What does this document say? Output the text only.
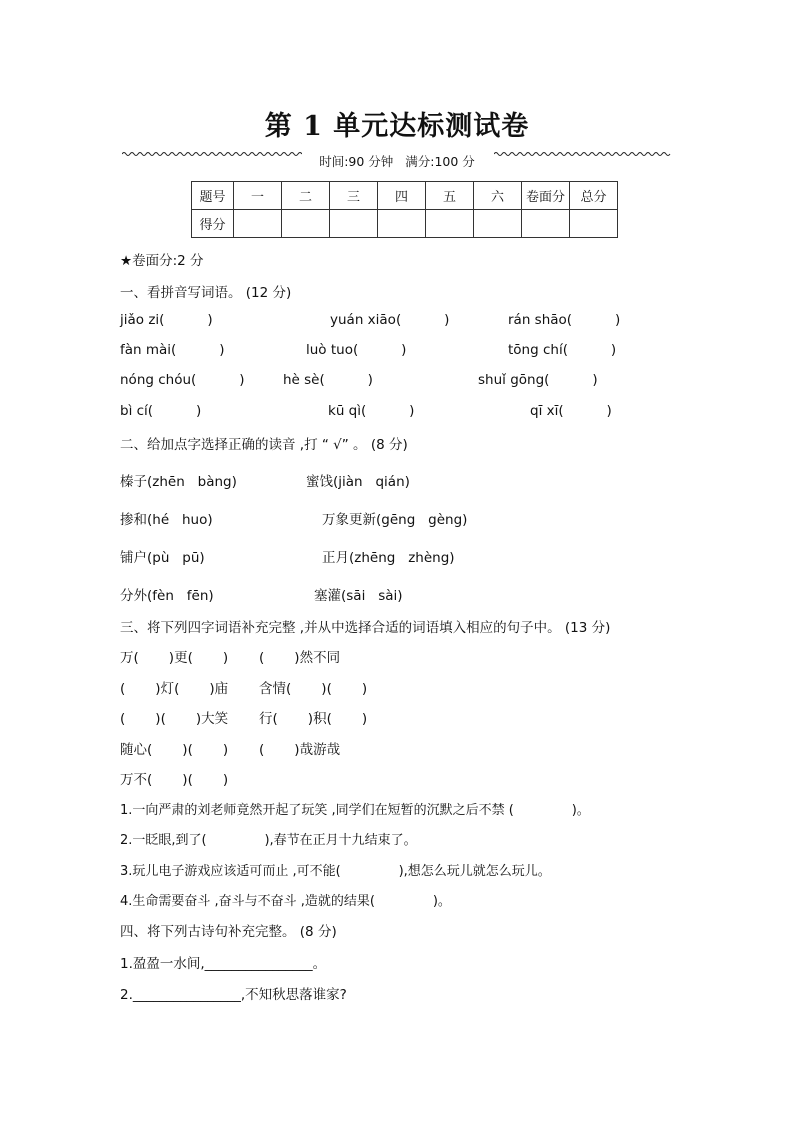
第 1 单元达标测试卷
时间:90 分钟   满分:100 分
题号	一	二	三	四	五	六	卷面分	总分
得分								
★卷面分:2 分
一、看拼音写词语。 (12 分)
jiǎo zi(          )	yuán xiāo(          )	rán shāo(          )
fàn mài(          )	luò tuo(          )	tōng chí(          )
nóng chóu(          )	hè sè(          )	shuǐ gōng(          )
bì cí(          )	kū qì(          )	qī xī(          )
二、给加点字选择正确的读音 ,打 “ √” 。 (8 分)
榛子(zhēn   bàng)	蜜饯(jiàn   qián)
掺和(hé   huo)	万象更新(gēng   gèng)
铺户(pù   pū)	正月(zhēng   zhèng)
分外(fèn   fēn)	塞灌(sāi   sài)
三、将下列四字词语补充完整 ,并从中选择合适的词语填入相应的句子中。 (13 分)
万(       )更(       ) (       )然不同
(       )灯(       )庙 含情(       )(       )
(       )(       )大笑 行(       )积(       )
随心(       )(       ) (       )哉游哉
万不(       )(       )
1.一向严肃的刘老师竟然开起了玩笑 ,同学们在短暂的沉默之后不禁 (              )。
2.一眨眼,到了(              ),春节在正月十九结束了。
3.玩儿电子游戏应该适可而止 ,可不能(              ),想怎么玩儿就怎么玩儿。
4.生命需要奋斗 ,奋斗与不奋斗 ,造就的结果(              )。
四、将下列古诗句补充完整。 (8 分)
1.盈盈一水间,________________。
2.________________,不知秋思落谁家?
